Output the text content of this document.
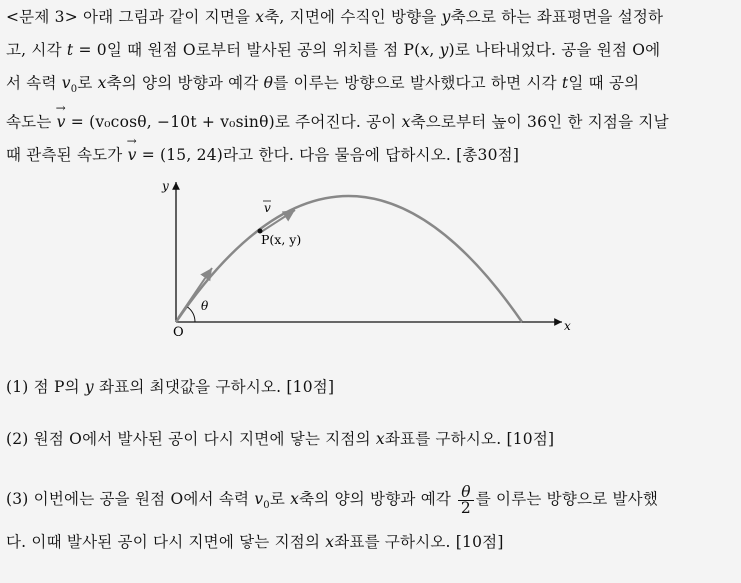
<문제 3> 아래 그림과 같이 지면을 x축, 지면에 수직인 방향을 y축으로 하는 좌표평면을 설정하
고, 시각 t = 0일 때 원점 O로부터 발사된 공의 위치를 점 P(x, y)로 나타내었다. 공을 원점 O에
서 속력 $v_0$로 x축의 양의 방향과 예각 θ를 이루는 방향으로 발사했다고 하면 시각 t일 때 공의
속도는 → v = (v₀cosθ, −10t + v₀sinθ)로 주어진다. 공이 x축으로부터 높이 36인 한 지점을 지날
때 관측된 속도가 → v = (15, 24)라고 한다. 다음 물음에 답하시오. [총30점]

y
x
O
P(x, y)
v
θ

(1) 점 P의 y 좌표의 최댓값을 구하시오. [10점]

(2) 원점 O에서 발사된 공이 다시 지면에 닿는 지점의 x좌표를 구하시오. [10점]

(3) 이번에는 공을 원점 O에서 속력 $v_0$로 x축의 양의 방향과 예각 $\frac{\theta}{2}$ 를 이루는 방향으로 발사했
다. 이때 발사된 공이 다시 지면에 닿는 지점의 x좌표를 구하시오. [10점]
